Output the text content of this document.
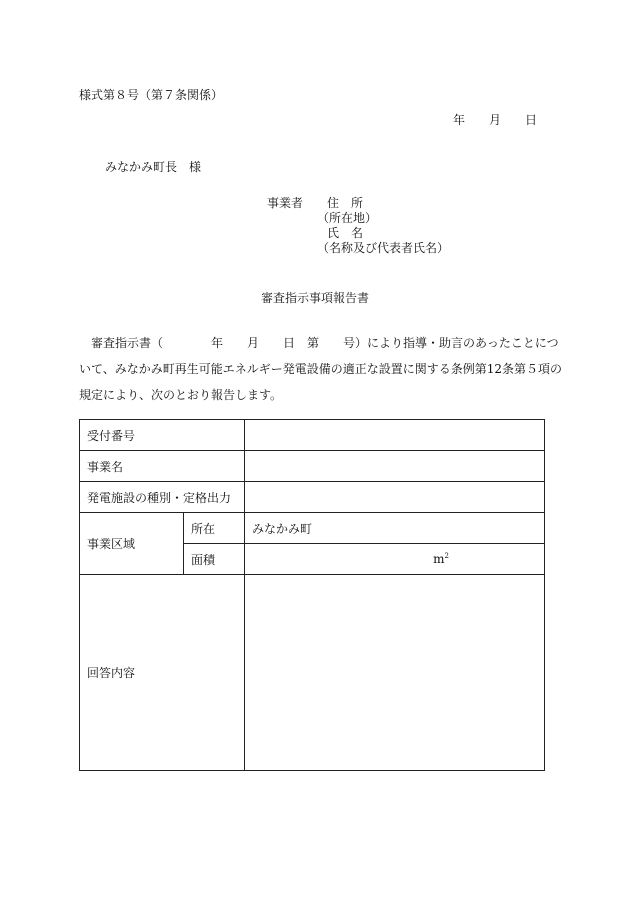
様式第８号（第７条関係）
年 月 日
みなかみ町長　様
事業者 住　所
（所在地）
氏　名
（名称及び代表者氏名）
審査指示事項報告書
　審査指示書（　　　　年　　月　　日　第　　号）により指導・助言のあったことにつ
いて、みなかみ町再生可能エネルギー発電設備の適正な設置に関する条例第12条第５項の
規定により、次のとおり報告します。
受付番号		
事業名		
発電施設の種別・定格出力		
事業区域	所在	みなかみ町
	面積	$m^2$
回答内容		
